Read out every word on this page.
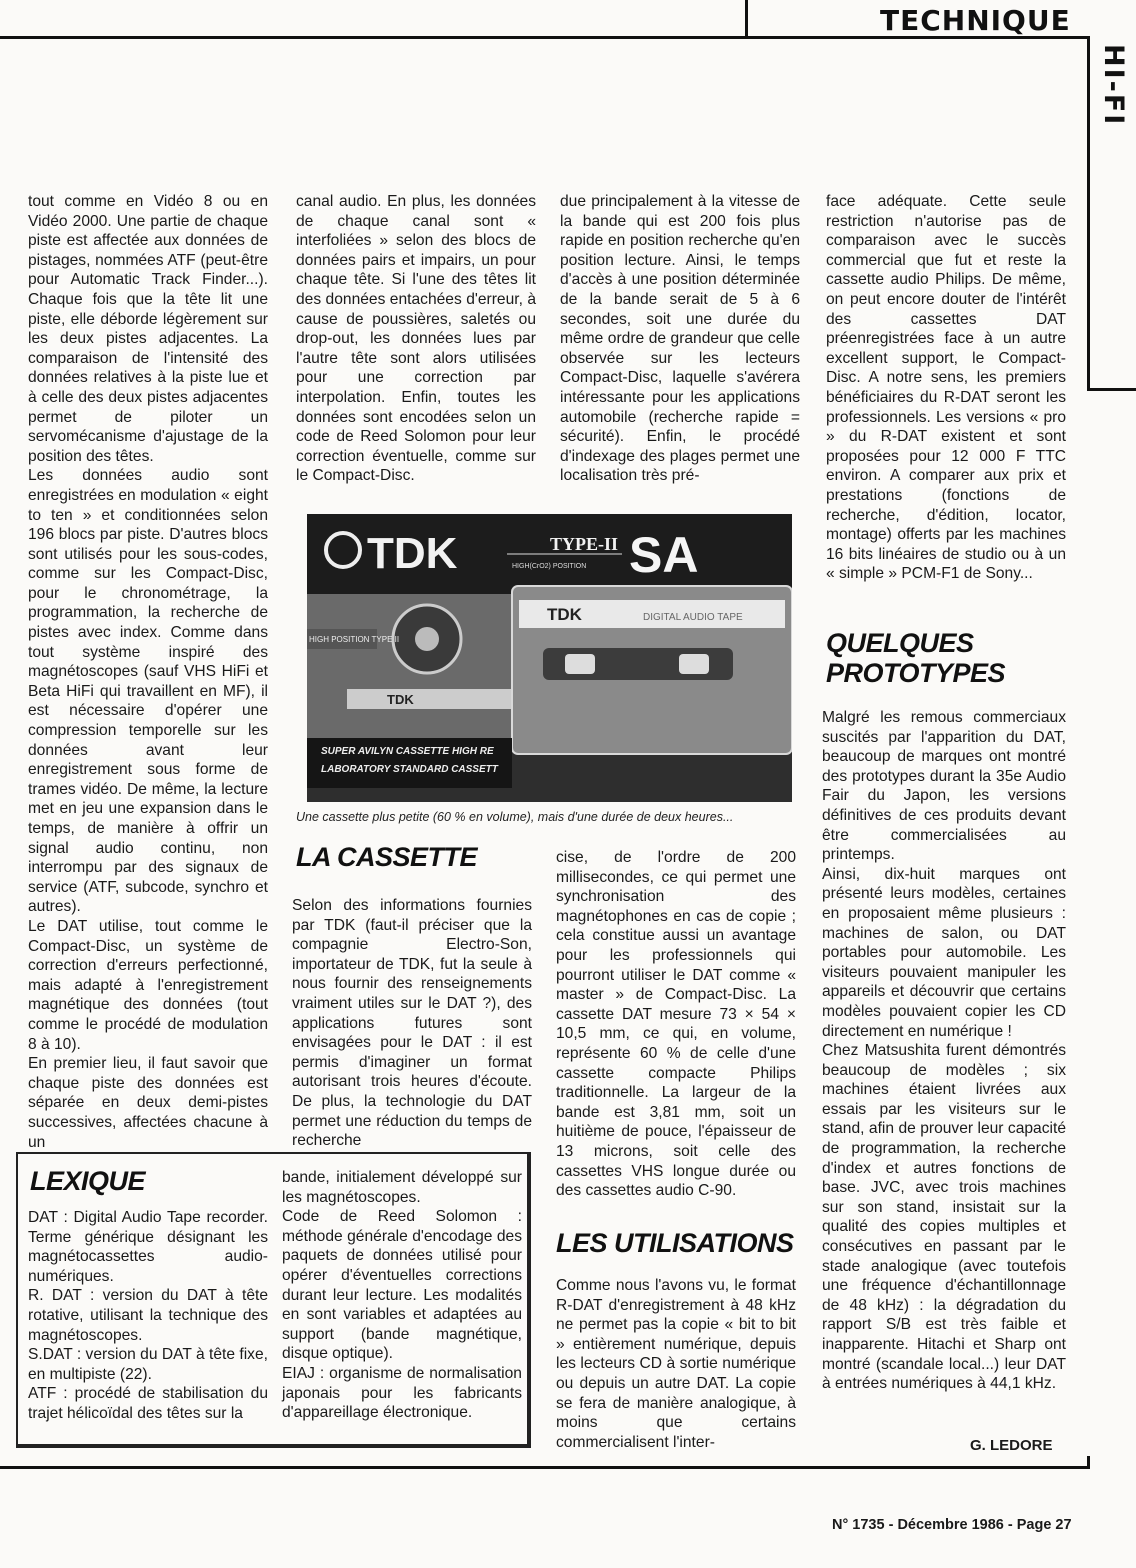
TECHNIQUE
HI-FI

tout comme en Vidéo 8 ou en Vidéo 2000. Une partie de chaque piste est affectée aux données de pistages, nommées ATF (peut-être pour Automatic Track Finder...). Chaque fois que la tête lit une piste, elle déborde légèrement sur les deux pistes adjacentes. La comparaison de l'intensité des données relatives à la piste lue et à celle des deux pistes adjacentes permet de piloter un servomécanisme d'ajustage de la position des têtes.

Les données audio sont enregistrées en modulation « eight to ten » et conditionnées selon 196 blocs par piste. D'autres blocs sont utilisés pour les sous-codes, comme sur les Compact-Disc, pour le chronométrage, la programmation, la recherche de pistes avec index. Comme dans tout système inspiré des magnétoscopes (sauf VHS HiFi et Beta HiFi qui travaillent en MF), il est nécessaire d'opérer une compression temporelle sur les données avant leur enregistrement sous forme de trames vidéo. De même, la lecture met en jeu une expansion dans le temps, de manière à offrir un signal audio continu, non interrompu par des signaux de service (ATF, subcode, synchro et autres).

Le DAT utilise, tout comme le Compact-Disc, un système de correction d'erreurs perfectionné, mais adapté à l'enregistrement magnétique des données (tout comme le procédé de modulation 8 à 10).

En premier lieu, il faut savoir que chaque piste des données est séparée en deux demi-pistes successives, affectées chacune à un

canal audio. En plus, les données de chaque canal sont « interfoliées » selon des blocs de données pairs et impairs, un pour chaque tête. Si l'une des têtes lit des données entachées d'erreur, à cause de poussières, saletés ou drop-out, les données lues par l'autre tête sont alors utilisées pour une correction par interpolation. Enfin, toutes les données sont encodées selon un code de Reed Solomon pour leur correction éventuelle, comme sur le Compact-Disc.

due principalement à la vitesse de la bande qui est 200 fois plus rapide en position recherche qu'en position lecture. Ainsi, le temps d'accès à une position déterminée de la bande serait de 5 à 6 secondes, soit une durée du même ordre de grandeur que celle observée sur les lecteurs Compact-Disc, laquelle s'avérera intéressante pour les applications automobile (recherche rapide = sécurité). Enfin, le procédé d'indexage des plages permet une localisation très pré-

face adéquate. Cette seule restriction n'autorise pas de comparaison avec le succès commercial que fut et reste la cassette audio Philips. De même, on peut encore douter de l'intérêt des cassettes DAT préenregistrées face à un autre excellent support, le Compact-Disc. A notre sens, les premiers bénéficiaires du R-DAT seront les professionnels. Les versions « pro » du R-DAT existent et sont proposées pour 12 000 F TTC environ. A comparer aux prix et prestations (fonctions de recherche, d'édition, locator, montage) offerts par les machines 16 bits linéaires de studio ou à un « simple » PCM-F1 de Sony...

TDK	TYPE-II
HIGH(CrO2) POSITION SA
HIGH POSITION TYPE II
TDK
TDK	DIGITAL AUDIO TAPE
SUPER AVILYN CASSETTE HIGH RE
LABORATORY STANDARD CASSETT
Une cassette plus petite (60 % en volume), mais d'une durée de deux heures...
LA CASSETTE

Selon des informations fournies par TDK (faut-il préciser que la compagnie Electro-Son, importateur de TDK, fut la seule à nous fournir des renseignements vraiment utiles sur le DAT ?), des applications futures sont envisagées pour le DAT : il est permis d'imaginer un format autorisant trois heures d'écoute. De plus, la technologie du DAT permet une réduction du temps de recherche

cise, de l'ordre de 200 millisecondes, ce qui permet une synchronisation des magnétophones en cas de copie ; cela constitue aussi un avantage pour les professionnels qui pourront utiliser le DAT comme « master » de Compact-Disc. La cassette DAT mesure 73 × 54 × 10,5 mm, ce qui, en volume, représente 60 % de celle d'une cassette compacte Philips traditionnelle. La largeur de la bande est 3,81 mm, soit un huitième de pouce, l'épaisseur de 13 microns, soit celle des cassettes VHS longue durée ou des cassettes audio C-90.

LES UTILISATIONS

Comme nous l'avons vu, le format R-DAT d'enregistrement à 48 kHz ne permet pas la copie « bit to bit » entièrement numérique, depuis les lecteurs CD à sortie numérique ou depuis un autre DAT. La copie se fera de manière analogique, à moins que certains commercialisent l'inter-

QUELQUES PROTOTYPES

Malgré les remous commerciaux suscités par l'apparition du DAT, beaucoup de marques ont montré des prototypes durant la 35e Audio Fair du Japon, les versions définitives de ces produits devant être commercialisées au printemps.

Ainsi, dix-huit marques ont présenté leurs modèles, certaines en proposaient même plusieurs : machines de salon, ou DAT portables pour automobile. Les visiteurs pouvaient manipuler les appareils et découvrir que certains modèles pouvaient copier les CD directement en numérique !

Chez Matsushita furent démontrés beaucoup de modèles ; six machines étaient livrées aux essais par les visiteurs sur le stand, afin de prouver leur capacité de programmation, la recherche d'index et autres fonctions de base. JVC, avec trois machines sur son stand, insistait sur la qualité des copies multiples et consécutives en passant par le stade analogique (avec toutefois une fréquence d'échantillonnage de 48 kHz) : la dégradation du rapport S/B est très faible et inapparente. Hitachi et Sharp ont montré (scandale local...) leur DAT à entrées numériques à 44,1 kHz.

G. LEDORE
LEXIQUE

DAT : Digital Audio Tape recorder. Terme générique désignant les magnétocassettes audio-numériques.

R. DAT : version du DAT à tête rotative, utilisant la technique des magnétoscopes.

S.DAT : version du DAT à tête fixe, en multipiste (22).

ATF : procédé de stabilisation du trajet hélicoïdal des têtes sur la

bande, initialement développé sur les magnétoscopes.

Code de Reed Solomon : méthode générale d'encodage des paquets de données utilisé pour opérer d'éventuelles corrections durant leur lecture. Les modalités en sont variables et adaptées au support (bande magnétique, disque optique).

EIAJ : organisme de normalisation japonais pour les fabricants d'appareillage électronique.

N° 1735 - Décembre 1986 - Page 27
